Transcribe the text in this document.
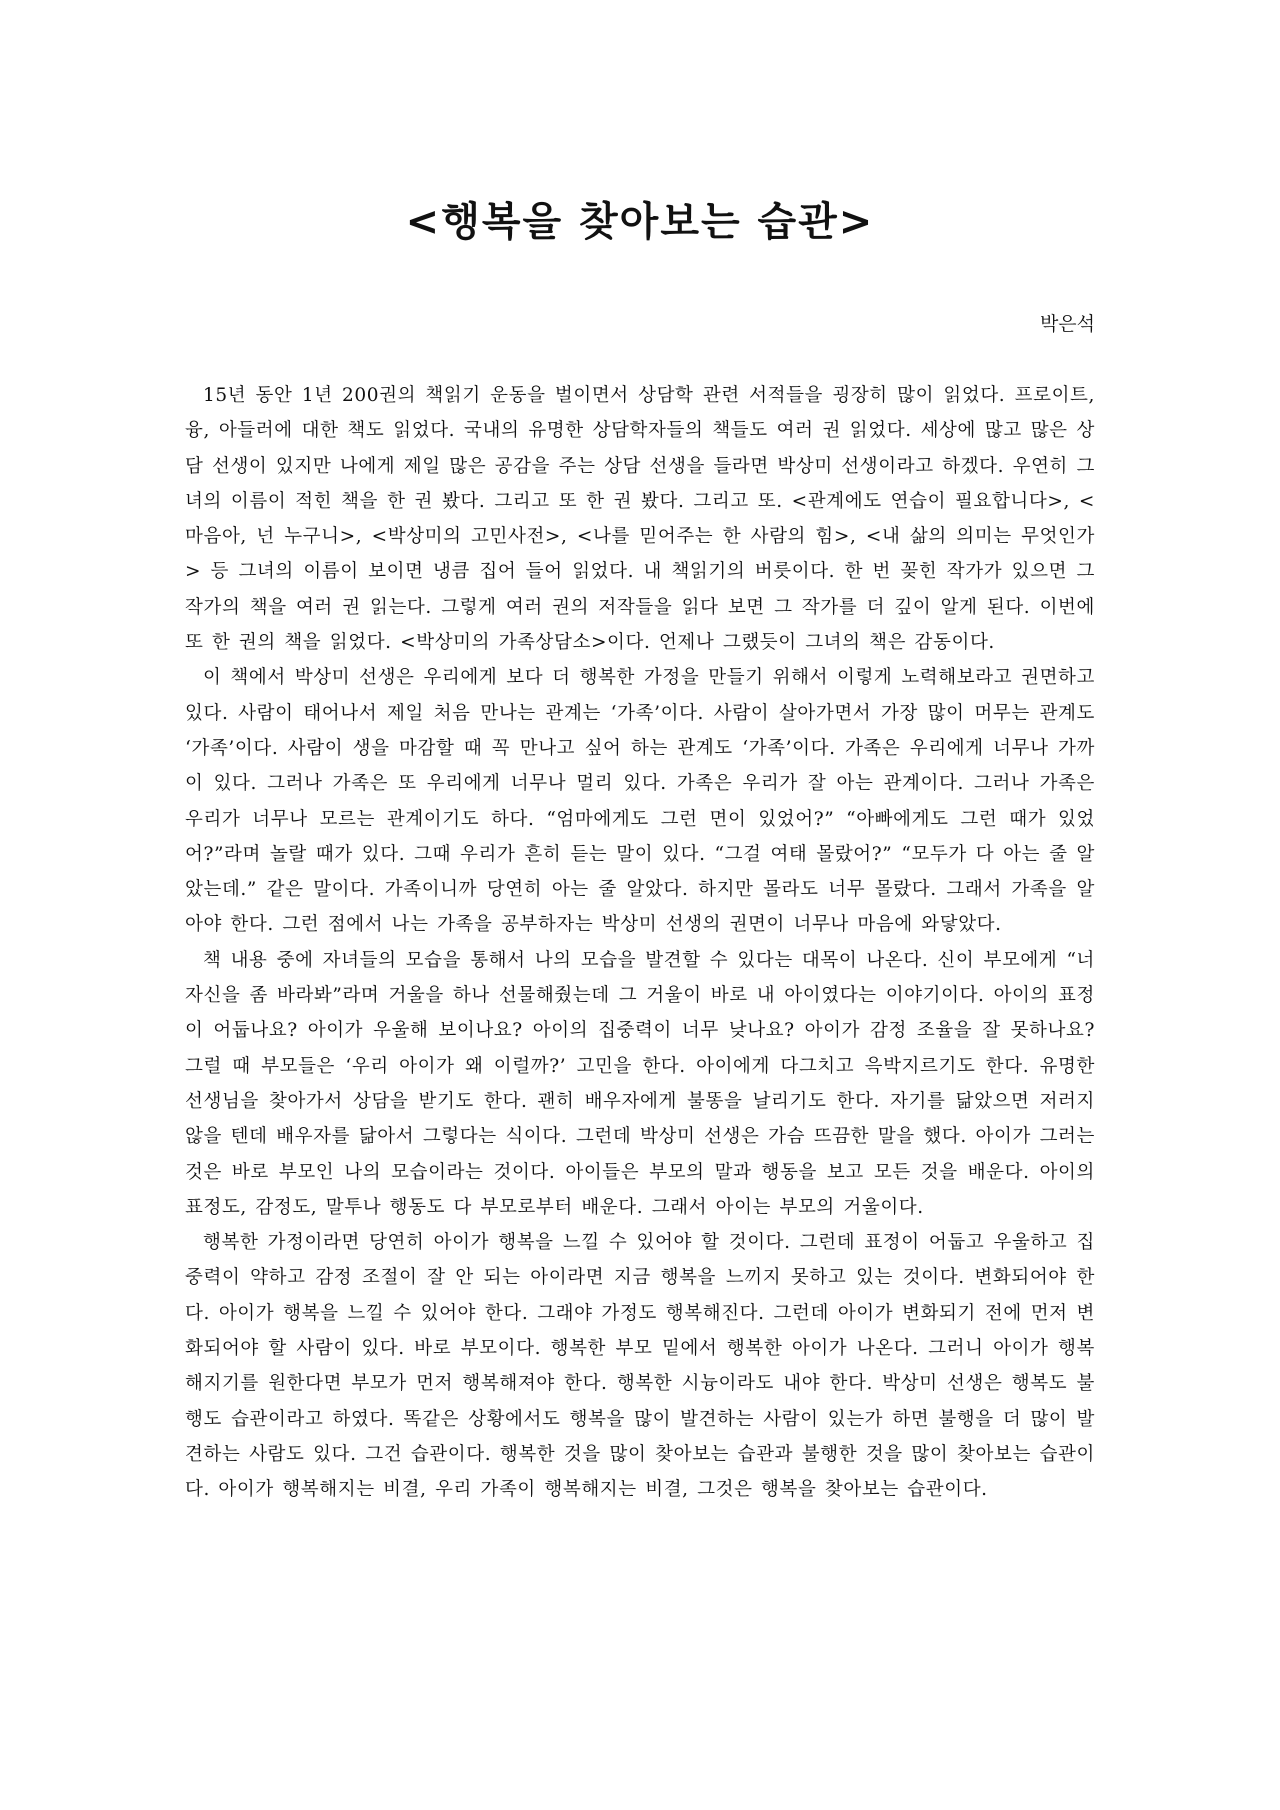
<행복을 찾아보는 습관>
박은석

15년 동안 1년 200권의 책읽기 운동을 벌이면서 상담학 관련 서적들을 굉장히 많이 읽었다. 프로이트, 융, 아들러에 대한 책도 읽었다. 국내의 유명한 상담학자들의 책들도 여러 권 읽었다. 세상에 많고 많은 상담 선생이 있지만 나에게 제일 많은 공감을 주는 상담 선생을 들라면 박상미 선생이라고 하겠다. 우연히 그녀의 이름이 적힌 책을 한 권 봤다. 그리고 또 한 권 봤다. 그리고 또. <관계에도 연습이 필요합니다>, <마음아, 넌 누구니>, <박상미의 고민사전>, <나를 믿어주는 한 사람의 힘>, <내 삶의 의미는 무엇인가> 등 그녀의 이름이 보이면 냉큼 집어 들어 읽었다. 내 책읽기의 버릇이다. 한 번 꽂힌 작가가 있으면 그 작가의 책을 여러 권 읽는다. 그렇게 여러 권의 저작들을 읽다 보면 그 작가를 더 깊이 알게 된다. 이번에 또 한 권의 책을 읽었다. <박상미의 가족상담소>이다. 언제나 그랬듯이 그녀의 책은 감동이다.

이 책에서 박상미 선생은 우리에게 보다 더 행복한 가정을 만들기 위해서 이렇게 노력해보라고 권면하고 있다. 사람이 태어나서 제일 처음 만나는 관계는 ‘가족’이다. 사람이 살아가면서 가장 많이 머무는 관계도 ‘가족’이다. 사람이 생을 마감할 때 꼭 만나고 싶어 하는 관계도 ‘가족’이다. 가족은 우리에게 너무나 가까이 있다. 그러나 가족은 또 우리에게 너무나 멀리 있다. 가족은 우리가 잘 아는 관계이다. 그러나 가족은 우리가 너무나 모르는 관계이기도 하다. “엄마에게도 그런 면이 있었어?” “아빠에게도 그런 때가 있었어?”라며 놀랄 때가 있다. 그때 우리가 흔히 듣는 말이 있다. “그걸 여태 몰랐어?” “모두가 다 아는 줄 알았는데.” 같은 말이다. 가족이니까 당연히 아는 줄 알았다. 하지만 몰라도 너무 몰랐다. 그래서 가족을 알아야 한다. 그런 점에서 나는 가족을 공부하자는 박상미 선생의 권면이 너무나 마음에 와닿았다.

책 내용 중에 자녀들의 모습을 통해서 나의 모습을 발견할 수 있다는 대목이 나온다. 신이 부모에게 “너 자신을 좀 바라봐”라며 거울을 하나 선물해줬는데 그 거울이 바로 내 아이였다는 이야기이다. 아이의 표정이 어둡나요? 아이가 우울해 보이나요? 아이의 집중력이 너무 낮나요? 아이가 감정 조율을 잘 못하나요? 그럴 때 부모들은 ‘우리 아이가 왜 이럴까?’ 고민을 한다. 아이에게 다그치고 윽박지르기도 한다. 유명한 선생님을 찾아가서 상담을 받기도 한다. 괜히 배우자에게 불똥을 날리기도 한다. 자기를 닮았으면 저러지 않을 텐데 배우자를 닮아서 그렇다는 식이다. 그런데 박상미 선생은 가슴 뜨끔한 말을 했다. 아이가 그러는 것은 바로 부모인 나의 모습이라는 것이다. 아이들은 부모의 말과 행동을 보고 모든 것을 배운다. 아이의 표정도, 감정도, 말투나 행동도 다 부모로부터 배운다. 그래서 아이는 부모의 거울이다.

행복한 가정이라면 당연히 아이가 행복을 느낄 수 있어야 할 것이다. 그런데 표정이 어둡고 우울하고 집중력이 약하고 감정 조절이 잘 안 되는 아이라면 지금 행복을 느끼지 못하고 있는 것이다. 변화되어야 한다. 아이가 행복을 느낄 수 있어야 한다. 그래야 가정도 행복해진다. 그런데 아이가 변화되기 전에 먼저 변화되어야 할 사람이 있다. 바로 부모이다. 행복한 부모 밑에서 행복한 아이가 나온다. 그러니 아이가 행복해지기를 원한다면 부모가 먼저 행복해져야 한다. 행복한 시늉이라도 내야 한다. 박상미 선생은 행복도 불행도 습관이라고 하였다. 똑같은 상황에서도 행복을 많이 발견하는 사람이 있는가 하면 불행을 더 많이 발견하는 사람도 있다. 그건 습관이다. 행복한 것을 많이 찾아보는 습관과 불행한 것을 많이 찾아보는 습관이다. 아이가 행복해지는 비결, 우리 가족이 행복해지는 비결, 그것은 행복을 찾아보는 습관이다.
